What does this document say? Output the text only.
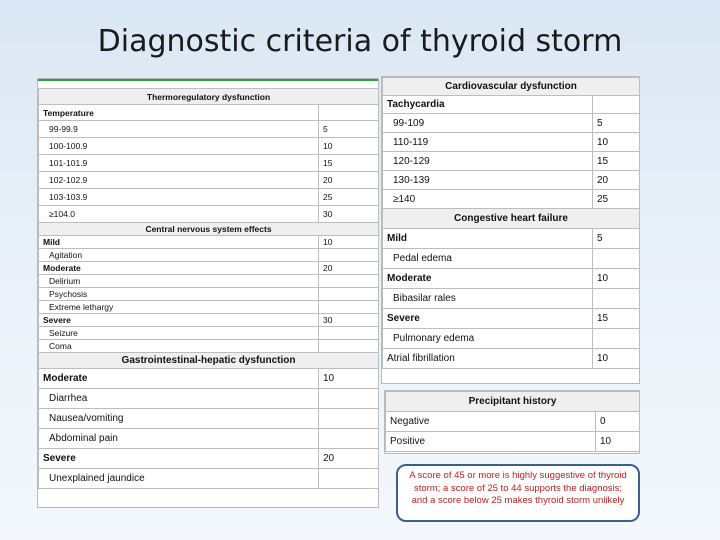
Diagnostic criteria of thyroid storm
Thermoregulatory dysfunction	
Temperature	
99-99.9	5
100-100.9	10
101-101.9	15
102-102.9	20
103-103.9	25
≥104.0	30
Central nervous system effects	
Mild	10
Agitation	
Moderate	20
Delirium	
Psychosis	
Extreme lethargy	
Severe	30
Seizure	
Coma	
Gastrointestinal-hepatic dysfunction	
Moderate	10
Diarrhea	
Nausea/vomiting	
Abdominal pain	
Severe	20
Unexplained jaundice	
Cardiovascular dysfunction	
Tachycardia	
99-109	5
110-119	10
120-129	15
130-139	20
≥140	25
Congestive heart failure	
Mild	5
Pedal edema	
Moderate	10
Bibasilar rales	
Severe	15
Pulmonary edema	
Atrial fibrillation	10
Precipitant history	
Negative	0
Positive	10
A score of 45 or more is highly suggestive of thyroid storm; a score of 25 to 44 supports the diagnosis; and a score below 25 makes thyroid storm unlikely
